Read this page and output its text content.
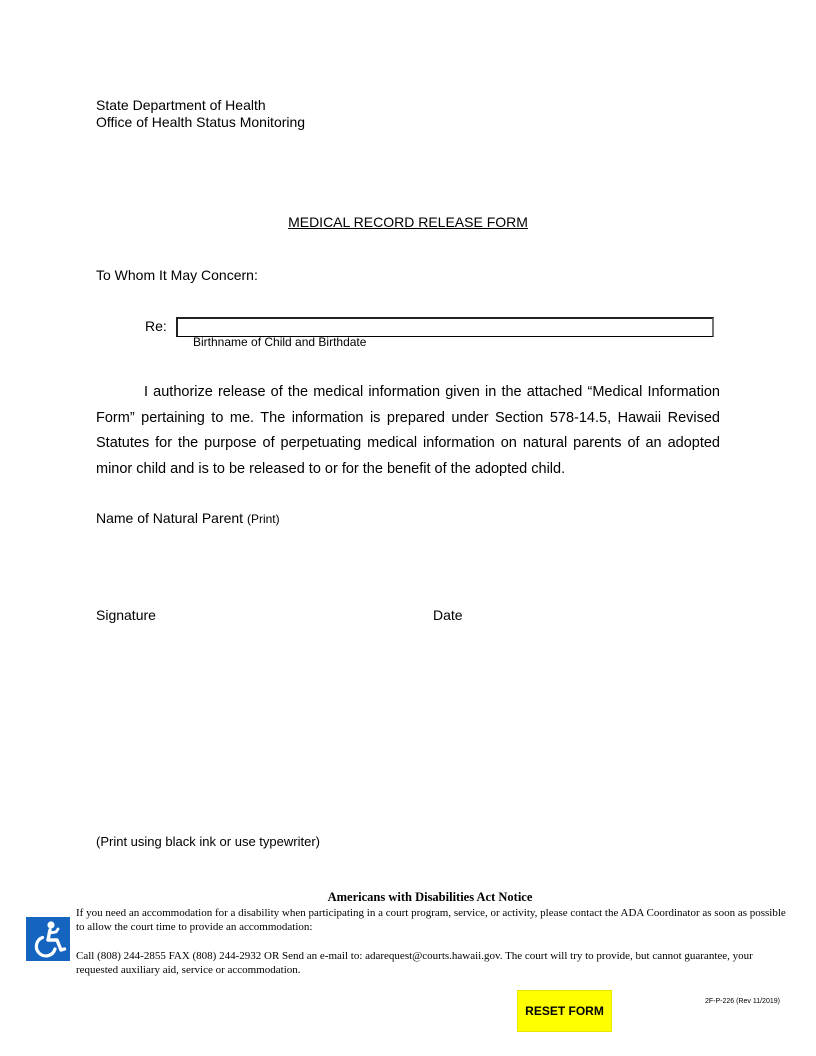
State Department of Health
Office of Health Status Monitoring
MEDICAL RECORD RELEASE FORM
To Whom It May Concern:
Re:
Birthname of Child and Birthdate
I authorize release of the medical information given in the attached “Medical Information Form” pertaining to me. The information is prepared under Section 578-14.5, Hawaii Revised Statutes for the purpose of perpetuating medical information on natural parents of an adopted minor child and is to be released to or for the benefit of the adopted child.
Name of Natural Parent (Print)
Signature	Date
(Print using black ink or use typewriter)
Americans with Disabilities Act Notice
If you need an accommodation for a disability when participating in a court program, service, or activity, please contact the ADA Coordinator as soon as possible to allow the court time to provide an accommodation:
Call (808) 244-2855 FAX (808) 244-2932 OR Send an e-mail to: adarequest@courts.hawaii.gov. The court will try to provide, but cannot guarantee, your requested auxiliary aid, service or accommodation.
RESET FORM
2F-P-226 (Rev 11/2019)
